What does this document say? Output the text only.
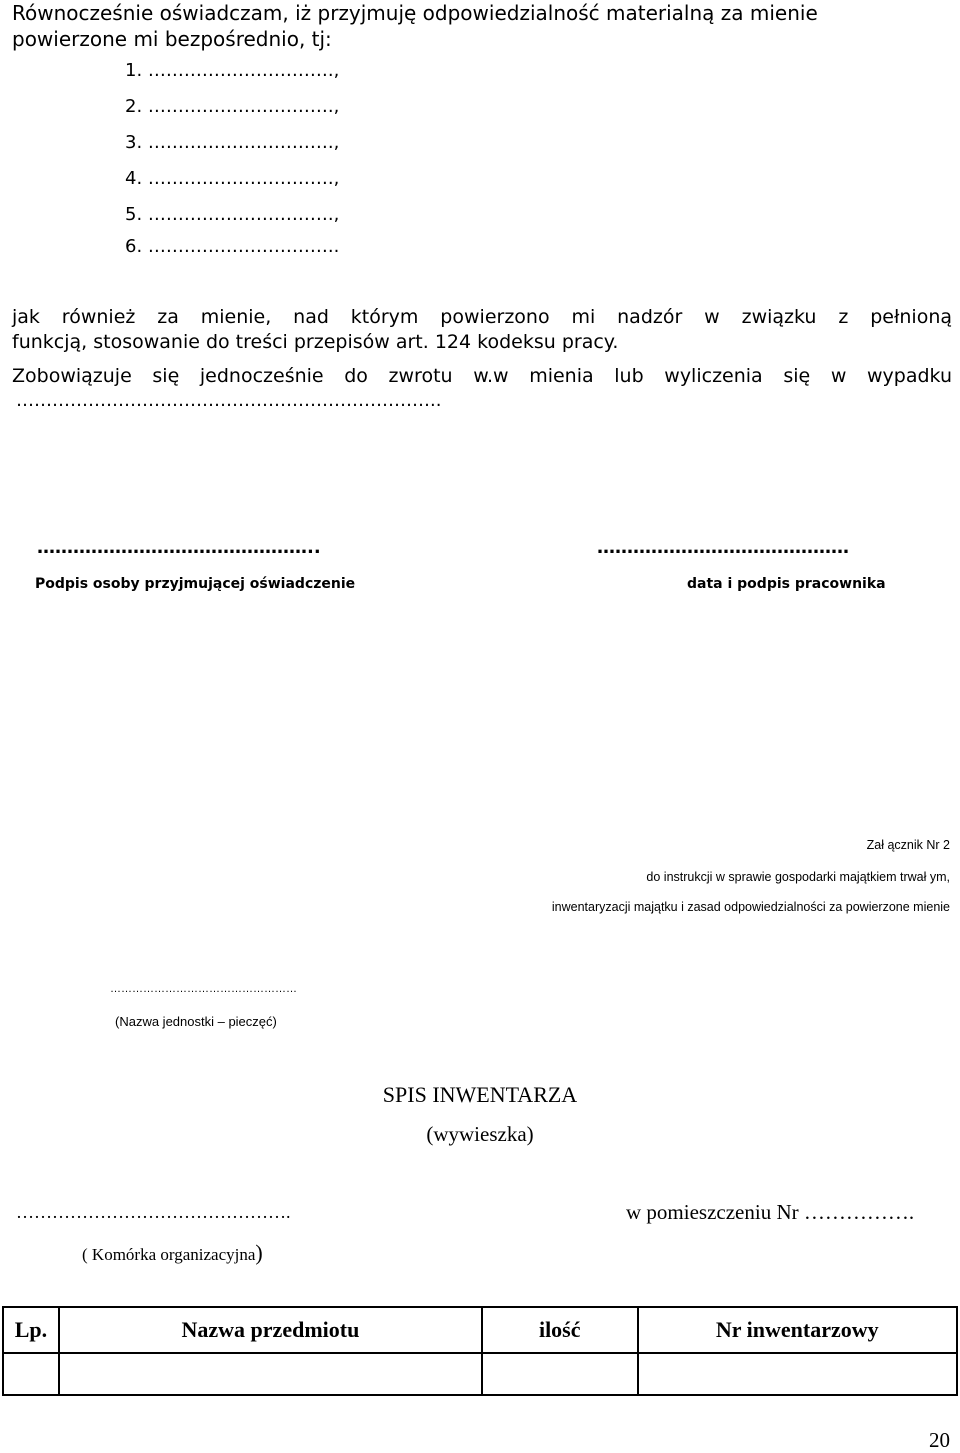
Równocześnie oświadczam, iż przyjmuję odpowiedzialność materialną za mienie
powierzone mi bezpośrednio, tj:
1. ………………………….,
2. ………………………….,
3. ………………………….,
4. ………………………….,
5. ………………………….,
6. …………………………..
jak również za mienie, nad którym powierzono mi nadzór w związku z pełnioną
funkcją, stosowanie do treści przepisów art. 124 kodeksu pracy.
Zobowiązuje się jednocześnie do zwrotu w.w mienia lub wyliczenia się w wypadku
……………………………………………………………..
………………………………………..
Podpis osoby przyjmującej oświadczenie
……………………………………
data i podpis pracownika
Zał ącznik Nr 2
do instrukcji w sprawie gospodarki majątkiem trwał ym,
inwentaryzacji majątku i zasad odpowiedzialności za powierzone mienie
……………………………………………
(Nazwa jednostki – pieczęć)
SPIS INWENTARZA
(wywieszka)
……………………………………….
( Komórka organizacyjna)
w pomieszczeniu Nr …………….
Lp.	Nazwa przedmiotu	ilość	Nr inwentarzowy

20
